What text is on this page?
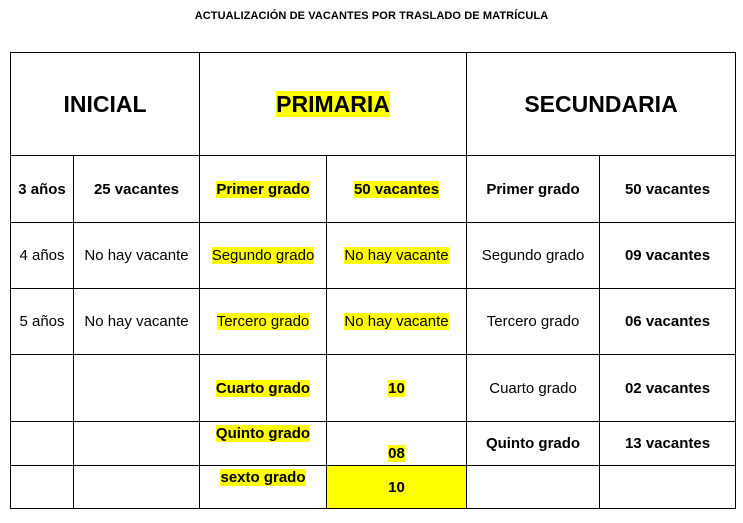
ACTUALIZACIÓN DE VACANTES POR TRASLADO DE MATRÍCULA
INICIAL		PRIMARIA		SECUNDARIA	
3 años	25 vacantes	Primer grado	50 vacantes	Primer grado	50 vacantes
4 años	No hay vacante	Segundo grado	No hay vacante	Segundo grado	09 vacantes
5 años	No hay vacante	Tercero grado	No hay vacante	Tercero grado	06 vacantes
		Cuarto grado	10	Cuarto grado	02 vacantes
		Quinto grado	08	Quinto grado	13 vacantes
		sexto grado	10		
